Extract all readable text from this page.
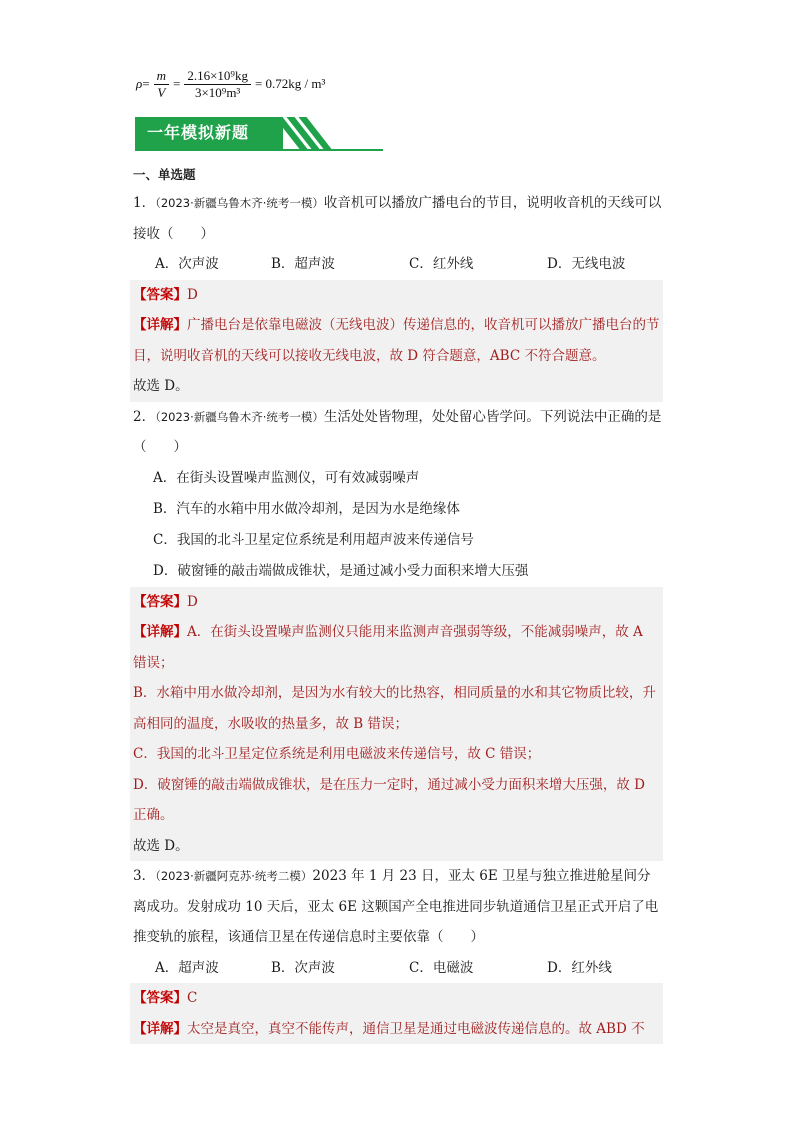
$\rho = \frac{m}{V} = \frac{\text{2.16×10⁹kg}}{\text{3×10⁹m³}} = 0.72kg / m^3$
一年模拟新题
一、单选题
1．（2023·新疆乌鲁木齐·统考一模）收音机可以播放广播电台的节目，说明收音机的天线可以接收（　　）
A．次声波	B．超声波	C．红外线	D．无线电波
【答案】D
【详解】广播电台是依靠电磁波（无线电波）传递信息的，收音机可以播放广播电台的节目，说明收音机的天线可以接收无线电波，故 D 符合题意，ABC 不符合题意。
故选 D。
2．（2023·新疆乌鲁木齐·统考一模）生活处处皆物理，处处留心皆学问。下列说法中正确的是（　　）
A．在街头设置噪声监测仪，可有效减弱噪声
B．汽车的水箱中用水做冷却剂，是因为水是绝缘体
C．我国的北斗卫星定位系统是利用超声波来传递信号
D．破窗锤的敲击端做成锥状，是通过减小受力面积来增大压强
【答案】D
【详解】A．在街头设置噪声监测仪只能用来监测声音强弱等级，不能减弱噪声，故 A 错误；
B．水箱中用水做冷却剂，是因为水有较大的比热容，相同质量的水和其它物质比较，升高相同的温度，水吸收的热量多，故 B 错误；
C．我国的北斗卫星定位系统是利用电磁波来传递信号，故 C 错误；
D．破窗锤的敲击端做成锥状，是在压力一定时，通过减小受力面积来增大压强，故 D 正确。
故选 D。
3．（2023·新疆阿克苏·统考二模）2023 年 1 月 23 日，亚太 6E 卫星与独立推进舱星间分离成功。发射成功 10 天后，亚太 6E 这颗国产全电推进同步轨道通信卫星正式开启了电推变轨的旅程，该通信卫星在传递信息时主要依靠（　　）
A．超声波	B．次声波	C．电磁波	D．红外线
【答案】C
【详解】太空是真空，真空不能传声，通信卫星是通过电磁波传递信息的。故 ABD 不
